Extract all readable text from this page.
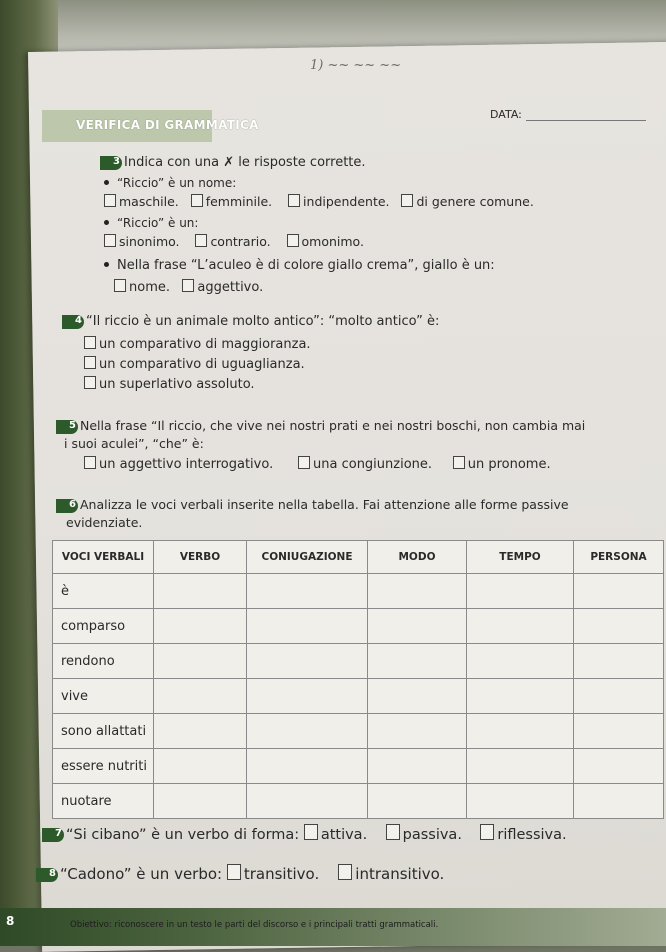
1) ~~ ~~ ~~
VERIFICA DI GRAMMATICA
DATA:
3 Indica con una ✗ le risposte corrette.
“Riccio” è un nome:
maschile. femminile. indipendente. di genere comune.
“Riccio” è un:
sinonimo. contrario. omonimo.
Nella frase “L’aculeo è di colore giallo crema”, giallo è un:
nome. aggettivo.
4 “Il riccio è un animale molto antico”: “molto antico” è:
un comparativo di maggioranza.
un comparativo di uguaglianza.
un superlativo assoluto.
5 Nella frase “Il riccio, che vive nei nostri prati e nei nostri boschi, non cambia mai
i suoi aculei”, “che” è:
un aggettivo interrogativo.	una congiunzione.	un pronome.
6 Analizza le voci verbali inserite nella tabella. Fai attenzione alle forme passive
evidenziate.
VOCI VERBALI	VERBO	CONIUGAZIONE	MODO	TEMPO	PERSONA
è					
comparso					
rendono					
vive					
sono allattati					
essere nutriti					
nuotare					
7 “Si cibano” è un verbo di forma: attiva. passiva. riflessiva.
8 “Cadono” è un verbo: transitivo. intransitivo.
8	Obiettivo: riconoscere in un testo le parti del discorso e i principali tratti grammaticali.
